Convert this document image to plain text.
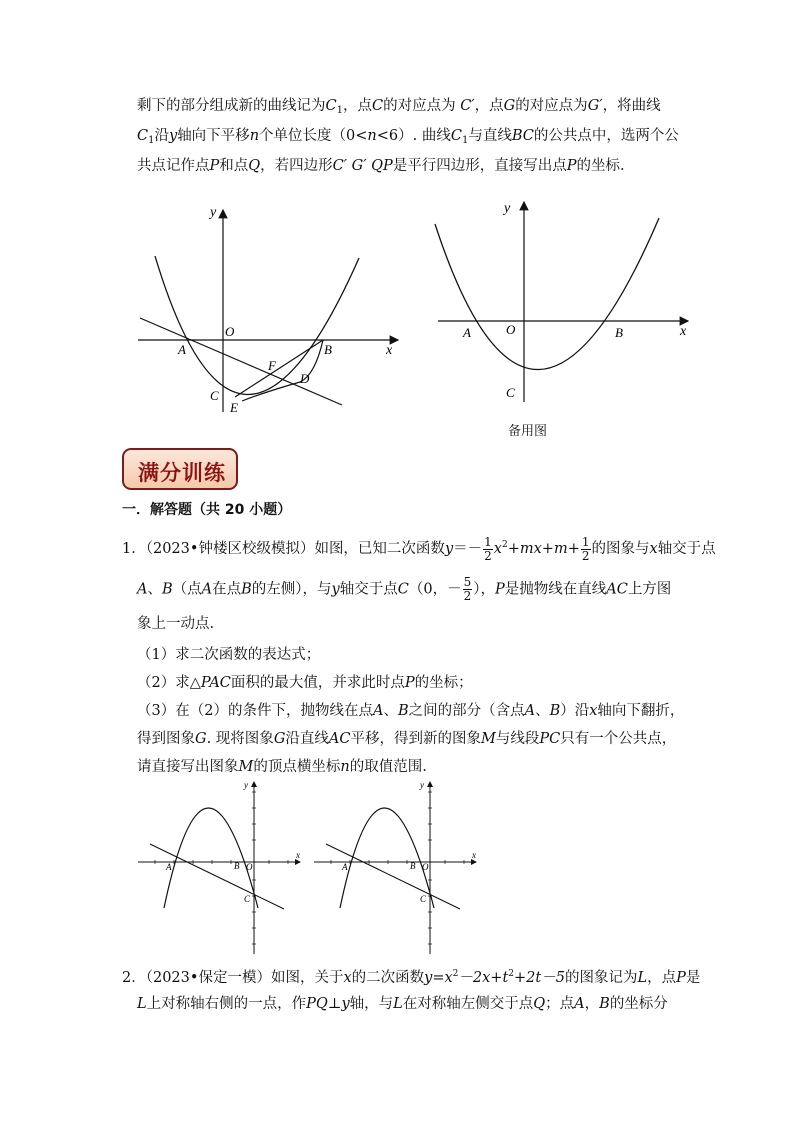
剩下的部分组成新的曲线记为$C_1$，点C的对应点为 C′，点G的对应点为G′，将曲线
$C_1$沿y轴向下平移n个单位长度（0<n<6）. 曲线$C_1$与直线BC的公共点中，选两个公
共点记作点P和点Q，若四边形C′ G′ QP是平行四边形，直接写出点P的坐标.
y
x
O
A	B
C
D
E
F
y
x
O
A	B
C
备用图
满分训练
一．解答题（共 20 小题）
1．（2023•钟楼区校级模拟）如图，已知二次函数$y=- \frac{1}{2} x^2+mx+m+ \frac{1}{2}$ 的图象与x轴交于点
A、B（点A在点B的左侧），与y轴交于点C（0，－ $\frac{5}{2}$ ），P是抛物线在直线AC上方图
象上一动点.
（1）求二次函数的表达式；
（2）求△PAC面积的最大值，并求此时点P的坐标；
（3）在（2）的条件下，抛物线在点A、B之间的部分（含点A、B）沿x轴向下翻折，
得到图象G. 现将图象G沿直线AC平移，得到新的图象M与线段PC只有一个公共点，
请直接写出图象M的顶点横坐标n的取值范围.
y
x
O
A	B
C
y
x
O
A	B
C
2．（2023•保定一模）如图，关于x的二次函数$y=x^2-2x+t^2+2t-5$的图象记为L，点P是
L上对称轴右侧的一点，作PQ⊥y轴，与L在对称轴左侧交于点Q；点A，B的坐标分
